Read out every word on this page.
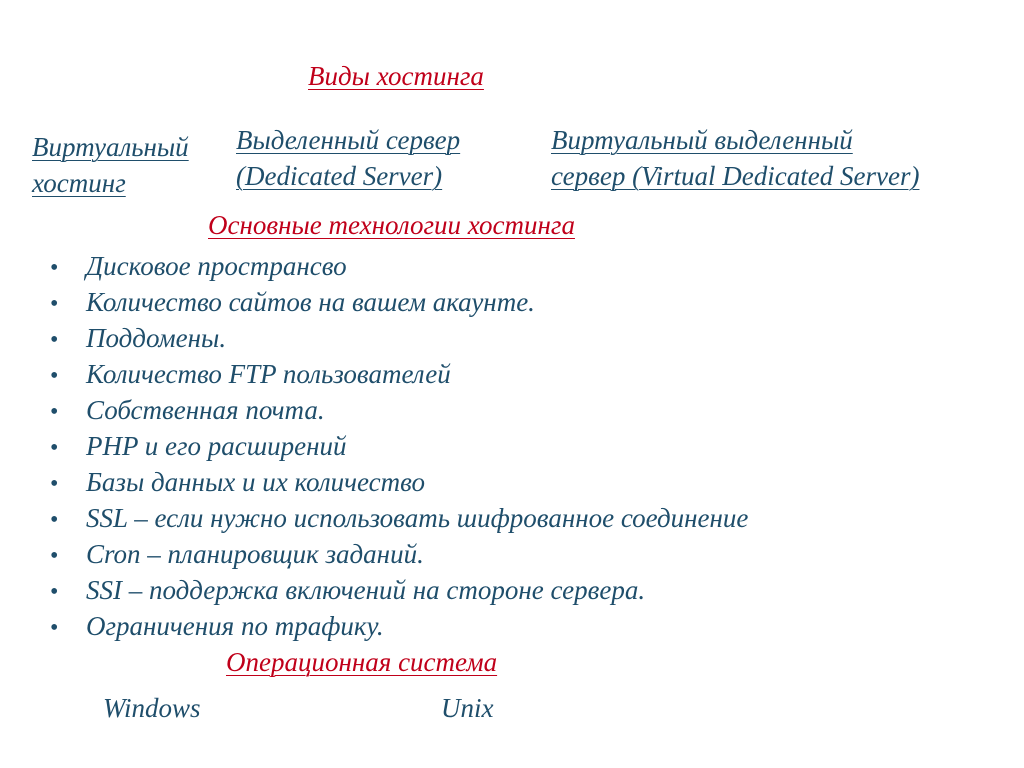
Виды хостинга
Виртуальный
хостинг
Выделенный сервер
(Dedicated Server)
Виртуальный выделенный
сервер (Virtual Dedicated Server)
Основные технологии хостинга
•	Дисковое пространсво
•	Количество сайтов на вашем акаунте.
•	Поддомены.
•	Количество FTP пользователей
•	Собственная почта.
•	PHP и его расширений
•	Базы данных и их количество
•	SSL – если нужно использовать шифрованное соединение
•	Cron – планировщик заданий.
•	SSI – поддержка включений на стороне сервера.
•	Ограничения по трафику.
Операционная система
Windows	Unix
